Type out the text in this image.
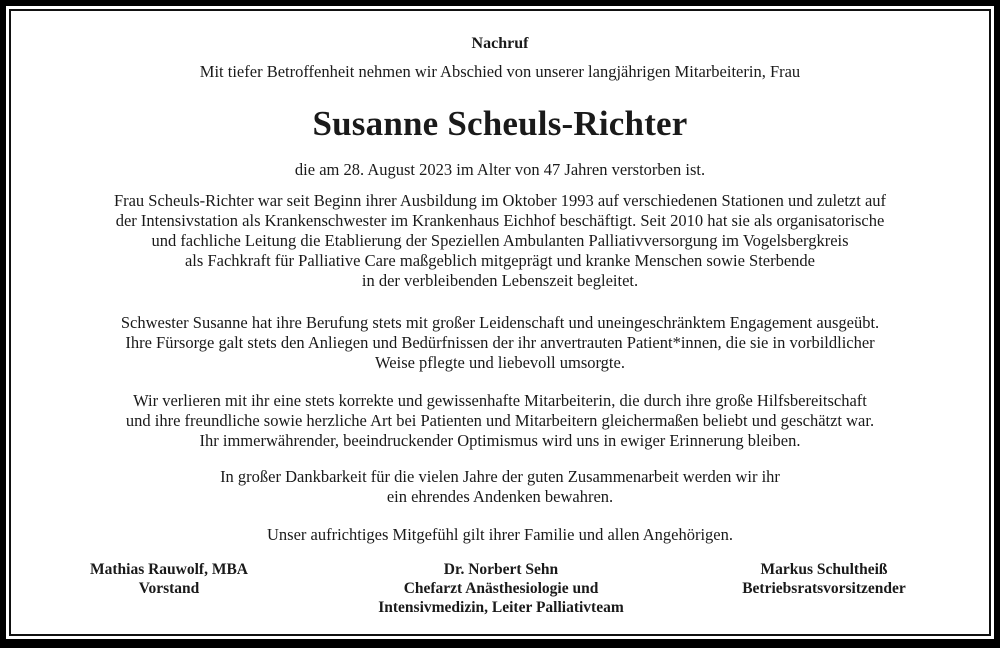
Nachruf
Mit tiefer Betroffenheit nehmen wir Abschied von unserer langjährigen Mitarbeiterin, Frau
Susanne Scheuls-Richter
die am 28. August 2023 im Alter von 47 Jahren verstorben ist.
Frau Scheuls-Richter war seit Beginn ihrer Ausbildung im Oktober 1993 auf verschiedenen Stationen und zuletzt auf
der Intensivstation als Krankenschwester im Krankenhaus Eichhof beschäftigt. Seit 2010 hat sie als organisatorische
und fachliche Leitung die Etablierung der Speziellen Ambulanten Palliativversorgung im Vogelsbergkreis
als Fachkraft für Palliative Care maßgeblich mitgeprägt und kranke Menschen sowie Sterbende
in der verbleibenden Lebenszeit begleitet.
Schwester Susanne hat ihre Berufung stets mit großer Leidenschaft und uneingeschränktem Engagement ausgeübt.
Ihre Fürsorge galt stets den Anliegen und Bedürfnissen der ihr anvertrauten Patient*innen, die sie in vorbildlicher
Weise pflegte und liebevoll umsorgte.
Wir verlieren mit ihr eine stets korrekte und gewissenhafte Mitarbeiterin, die durch ihre große Hilfsbereitschaft
und ihre freundliche sowie herzliche Art bei Patienten und Mitarbeitern gleichermaßen beliebt und geschätzt war.
Ihr immerwährender, beeindruckender Optimismus wird uns in ewiger Erinnerung bleiben.
In großer Dankbarkeit für die vielen Jahre der guten Zusammenarbeit werden wir ihr
ein ehrendes Andenken bewahren.
Unser aufrichtiges Mitgefühl gilt ihrer Familie und allen Angehörigen.
Mathias Rauwolf, MBA
Vorstand
Dr. Norbert Sehn
Chefarzt Anästhesiologie und
Intensivmedizin, Leiter Palliativteam
Markus Schultheiß
Betriebsratsvorsitzender
